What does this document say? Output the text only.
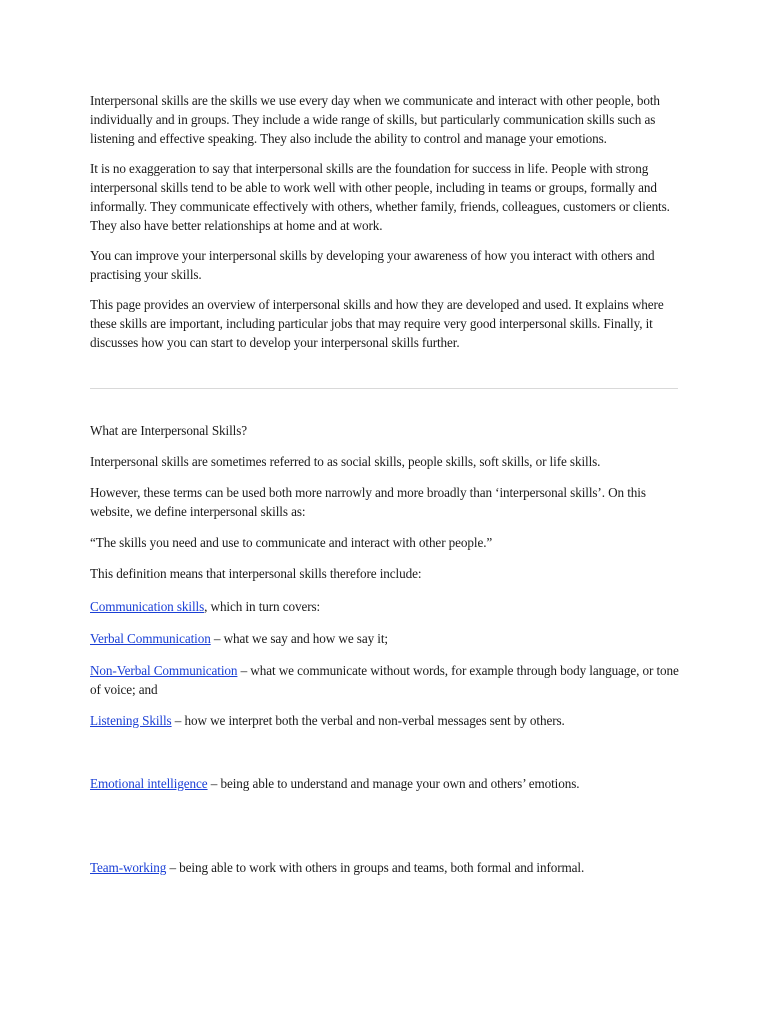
Interpersonal skills are the skills we use every day when we communicate and interact with other people, both individually and in groups. They include a wide range of skills, but particularly communication skills such as listening and effective speaking. They also include the ability to control and manage your emotions.

It is no exaggeration to say that interpersonal skills are the foundation for success in life. People with strong interpersonal skills tend to be able to work well with other people, including in teams or groups, formally and informally. They communicate effectively with others, whether family, friends, colleagues, customers or clients. They also have better relationships at home and at work.

You can improve your interpersonal skills by developing your awareness of how you interact with others and practising your skills.

This page provides an overview of interpersonal skills and how they are developed and used. It explains where these skills are important, including particular jobs that may require very good interpersonal skills. Finally, it discusses how you can start to develop your interpersonal skills further.

What are Interpersonal Skills?

Interpersonal skills are sometimes referred to as social skills, people skills, soft skills, or life skills.

However, these terms can be used both more narrowly and more broadly than ‘interpersonal skills’. On this website, we define interpersonal skills as:

“The skills you need and use to communicate and interact with other people.”

This definition means that interpersonal skills therefore include:

Communication skills, which in turn covers:

Verbal Communication – what we say and how we say it;

Non-Verbal Communication – what we communicate without words, for example through body language, or tone of voice; and

Listening Skills – how we interpret both the verbal and non-verbal messages sent by others.

Emotional intelligence – being able to understand and manage your own and others’ emotions.

Team-working – being able to work with others in groups and teams, both formal and informal.
